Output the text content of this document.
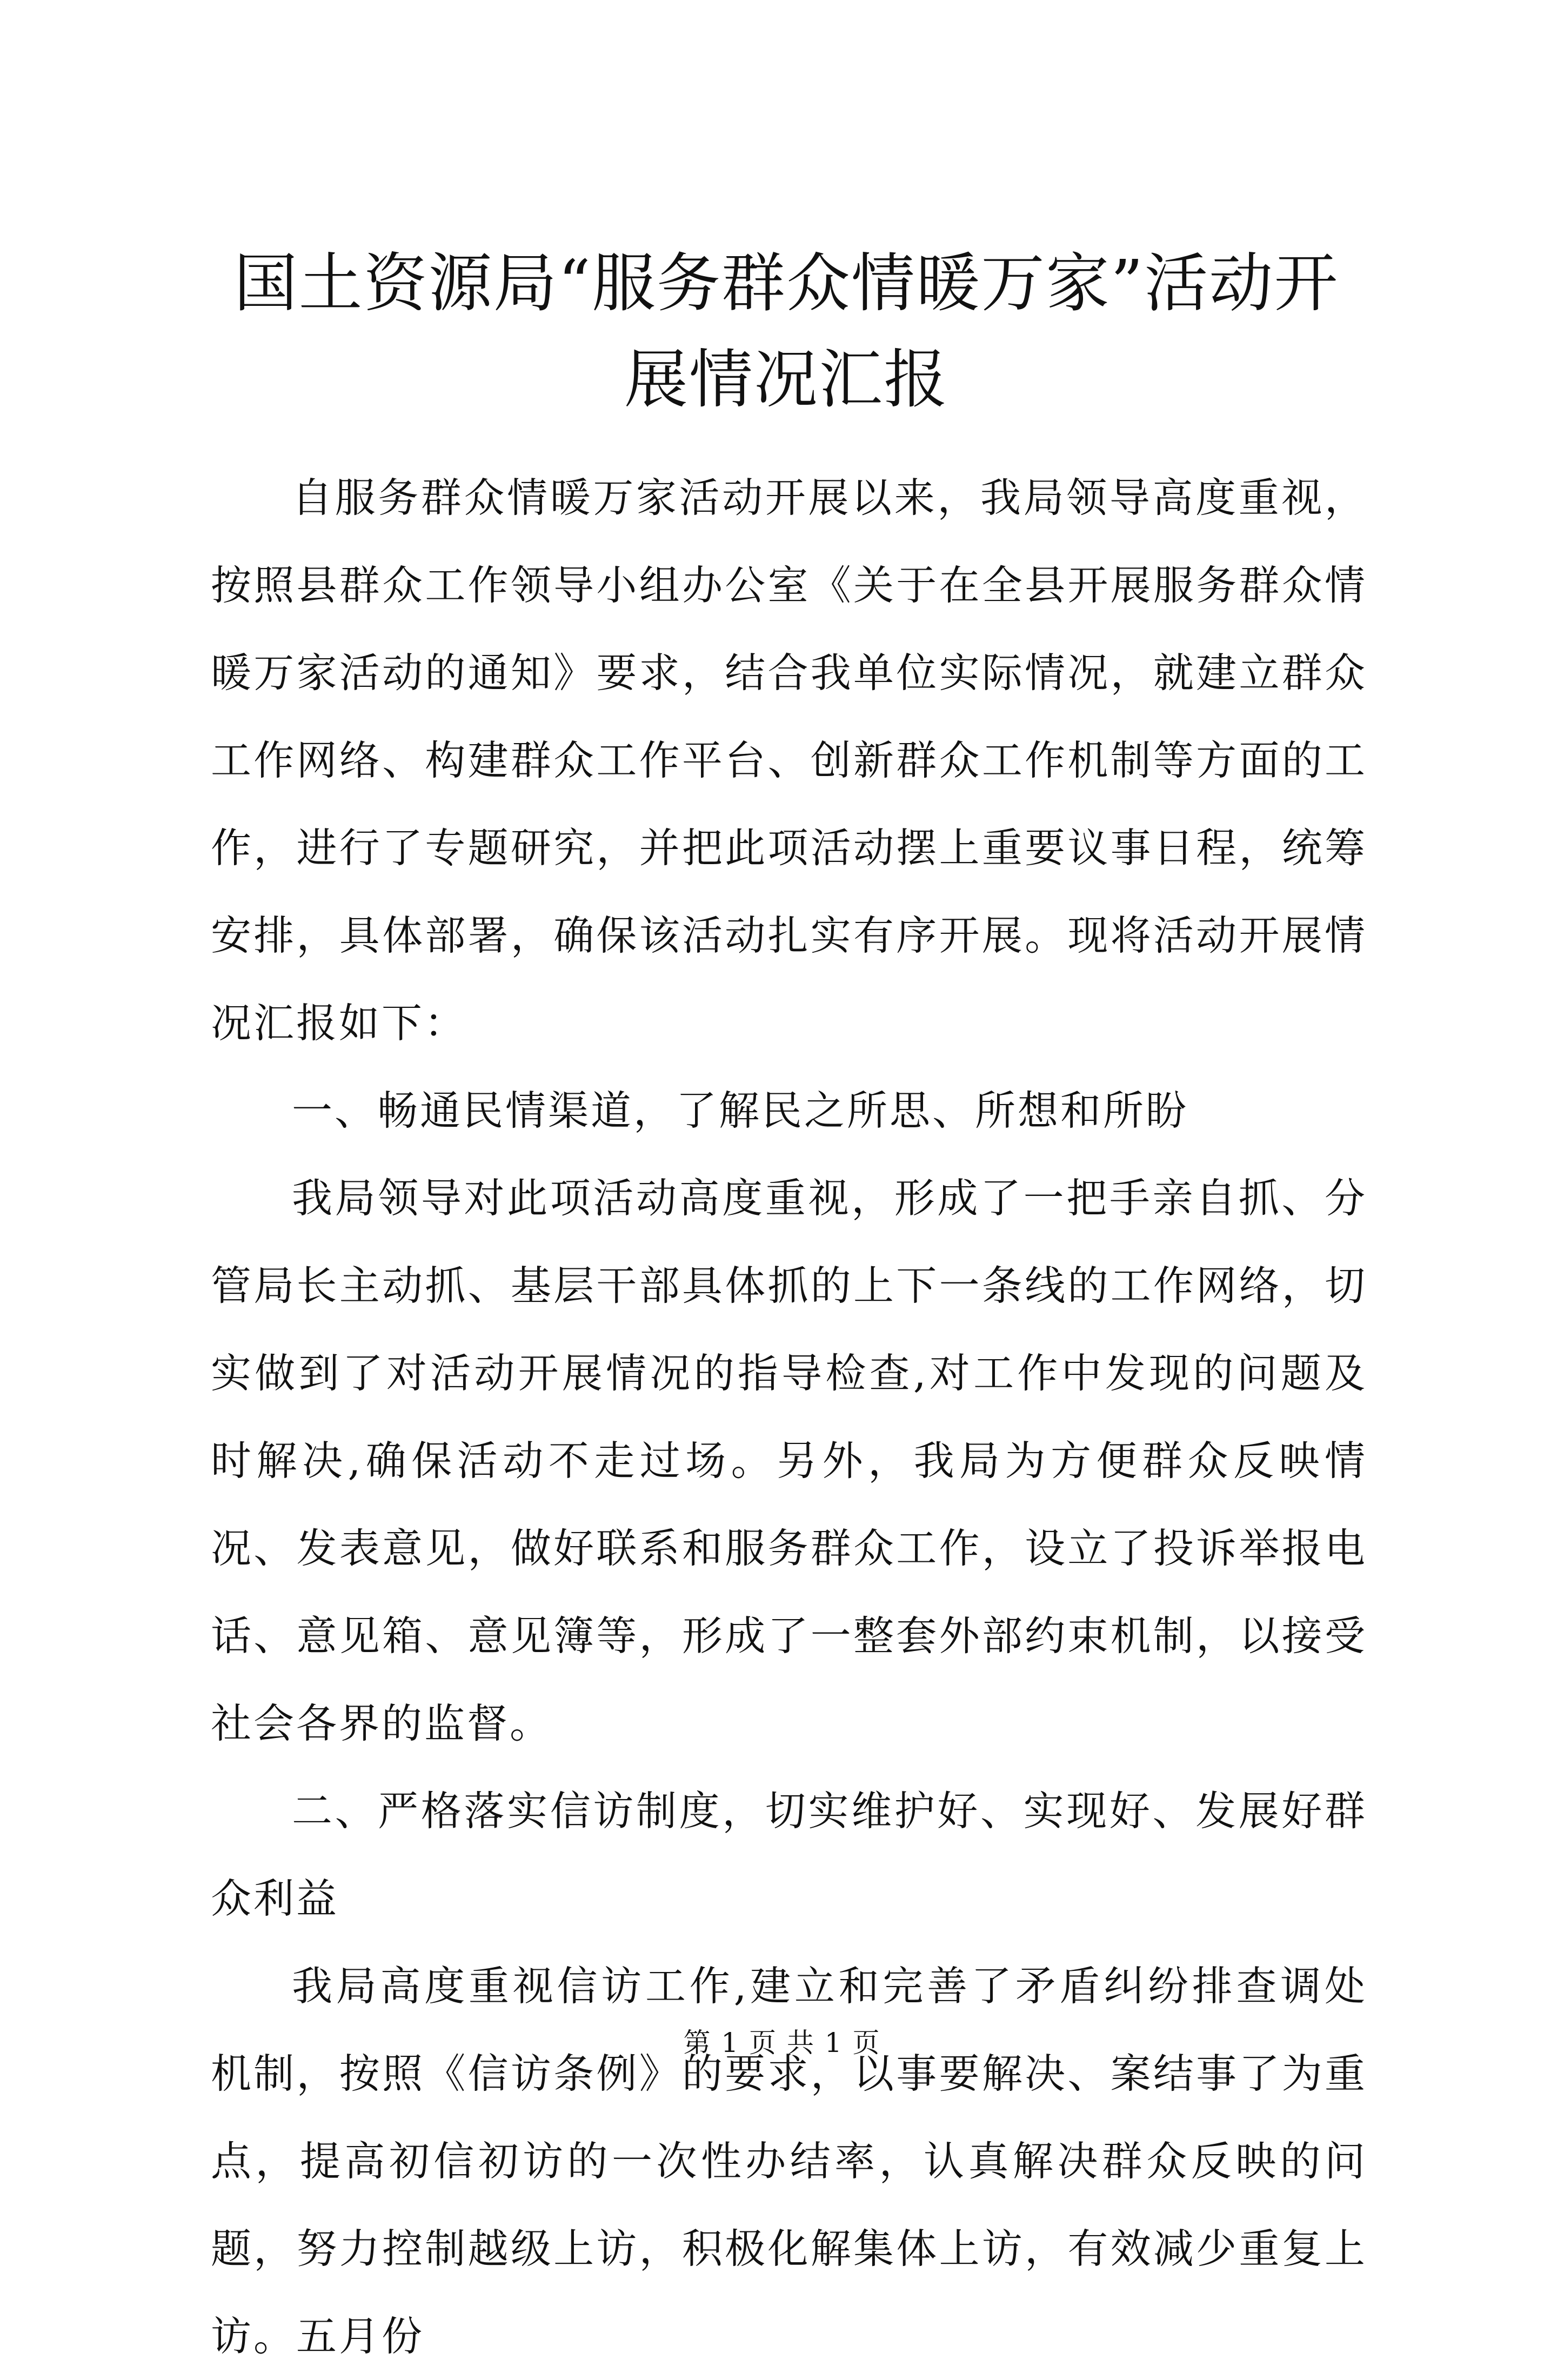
国土资源局“服务群众情暖万家”活动开展情况汇报

自服务群众情暖万家活动开展以来，我局领导高度重视，按照县群众工作领导小组办公室《关于在全县开展服务群众情暖万家活动的通知》要求，结合我单位实际情况，就建立群众工作网络、构建群众工作平台、创新群众工作机制等方面的工作，进行了专题研究，并把此项活动摆上重要议事日程，统筹安排，具体部署，确保该活动扎实有序开展。现将活动开展情况汇报如下：

一、畅通民情渠道，了解民之所思、所想和所盼

我局领导对此项活动高度重视，形成了一把手亲自抓、分管局长主动抓、基层干部具体抓的上下一条线的工作网络，切实做到了对活动开展情况的指导检查,对工作中发现的问题及时解决,确保活动不走过场。另外，我局为方便群众反映情况、发表意见，做好联系和服务群众工作，设立了投诉举报电话、意见箱、意见簿等，形成了一整套外部约束机制，以接受社会各界的监督。

二、严格落实信访制度，切实维护好、实现好、发展好群众利益

我局高度重视信访工作,建立和完善了矛盾纠纷排查调处机制，按照《信访条例》的要求，以事要解决、案结事了为重点，提高初信初访的一次性办结率，认真解决群众反映的问题，努力控制越级上访，积极化解集体上访，有效减少重复上访。五月份

第 1 页 共 1 页
